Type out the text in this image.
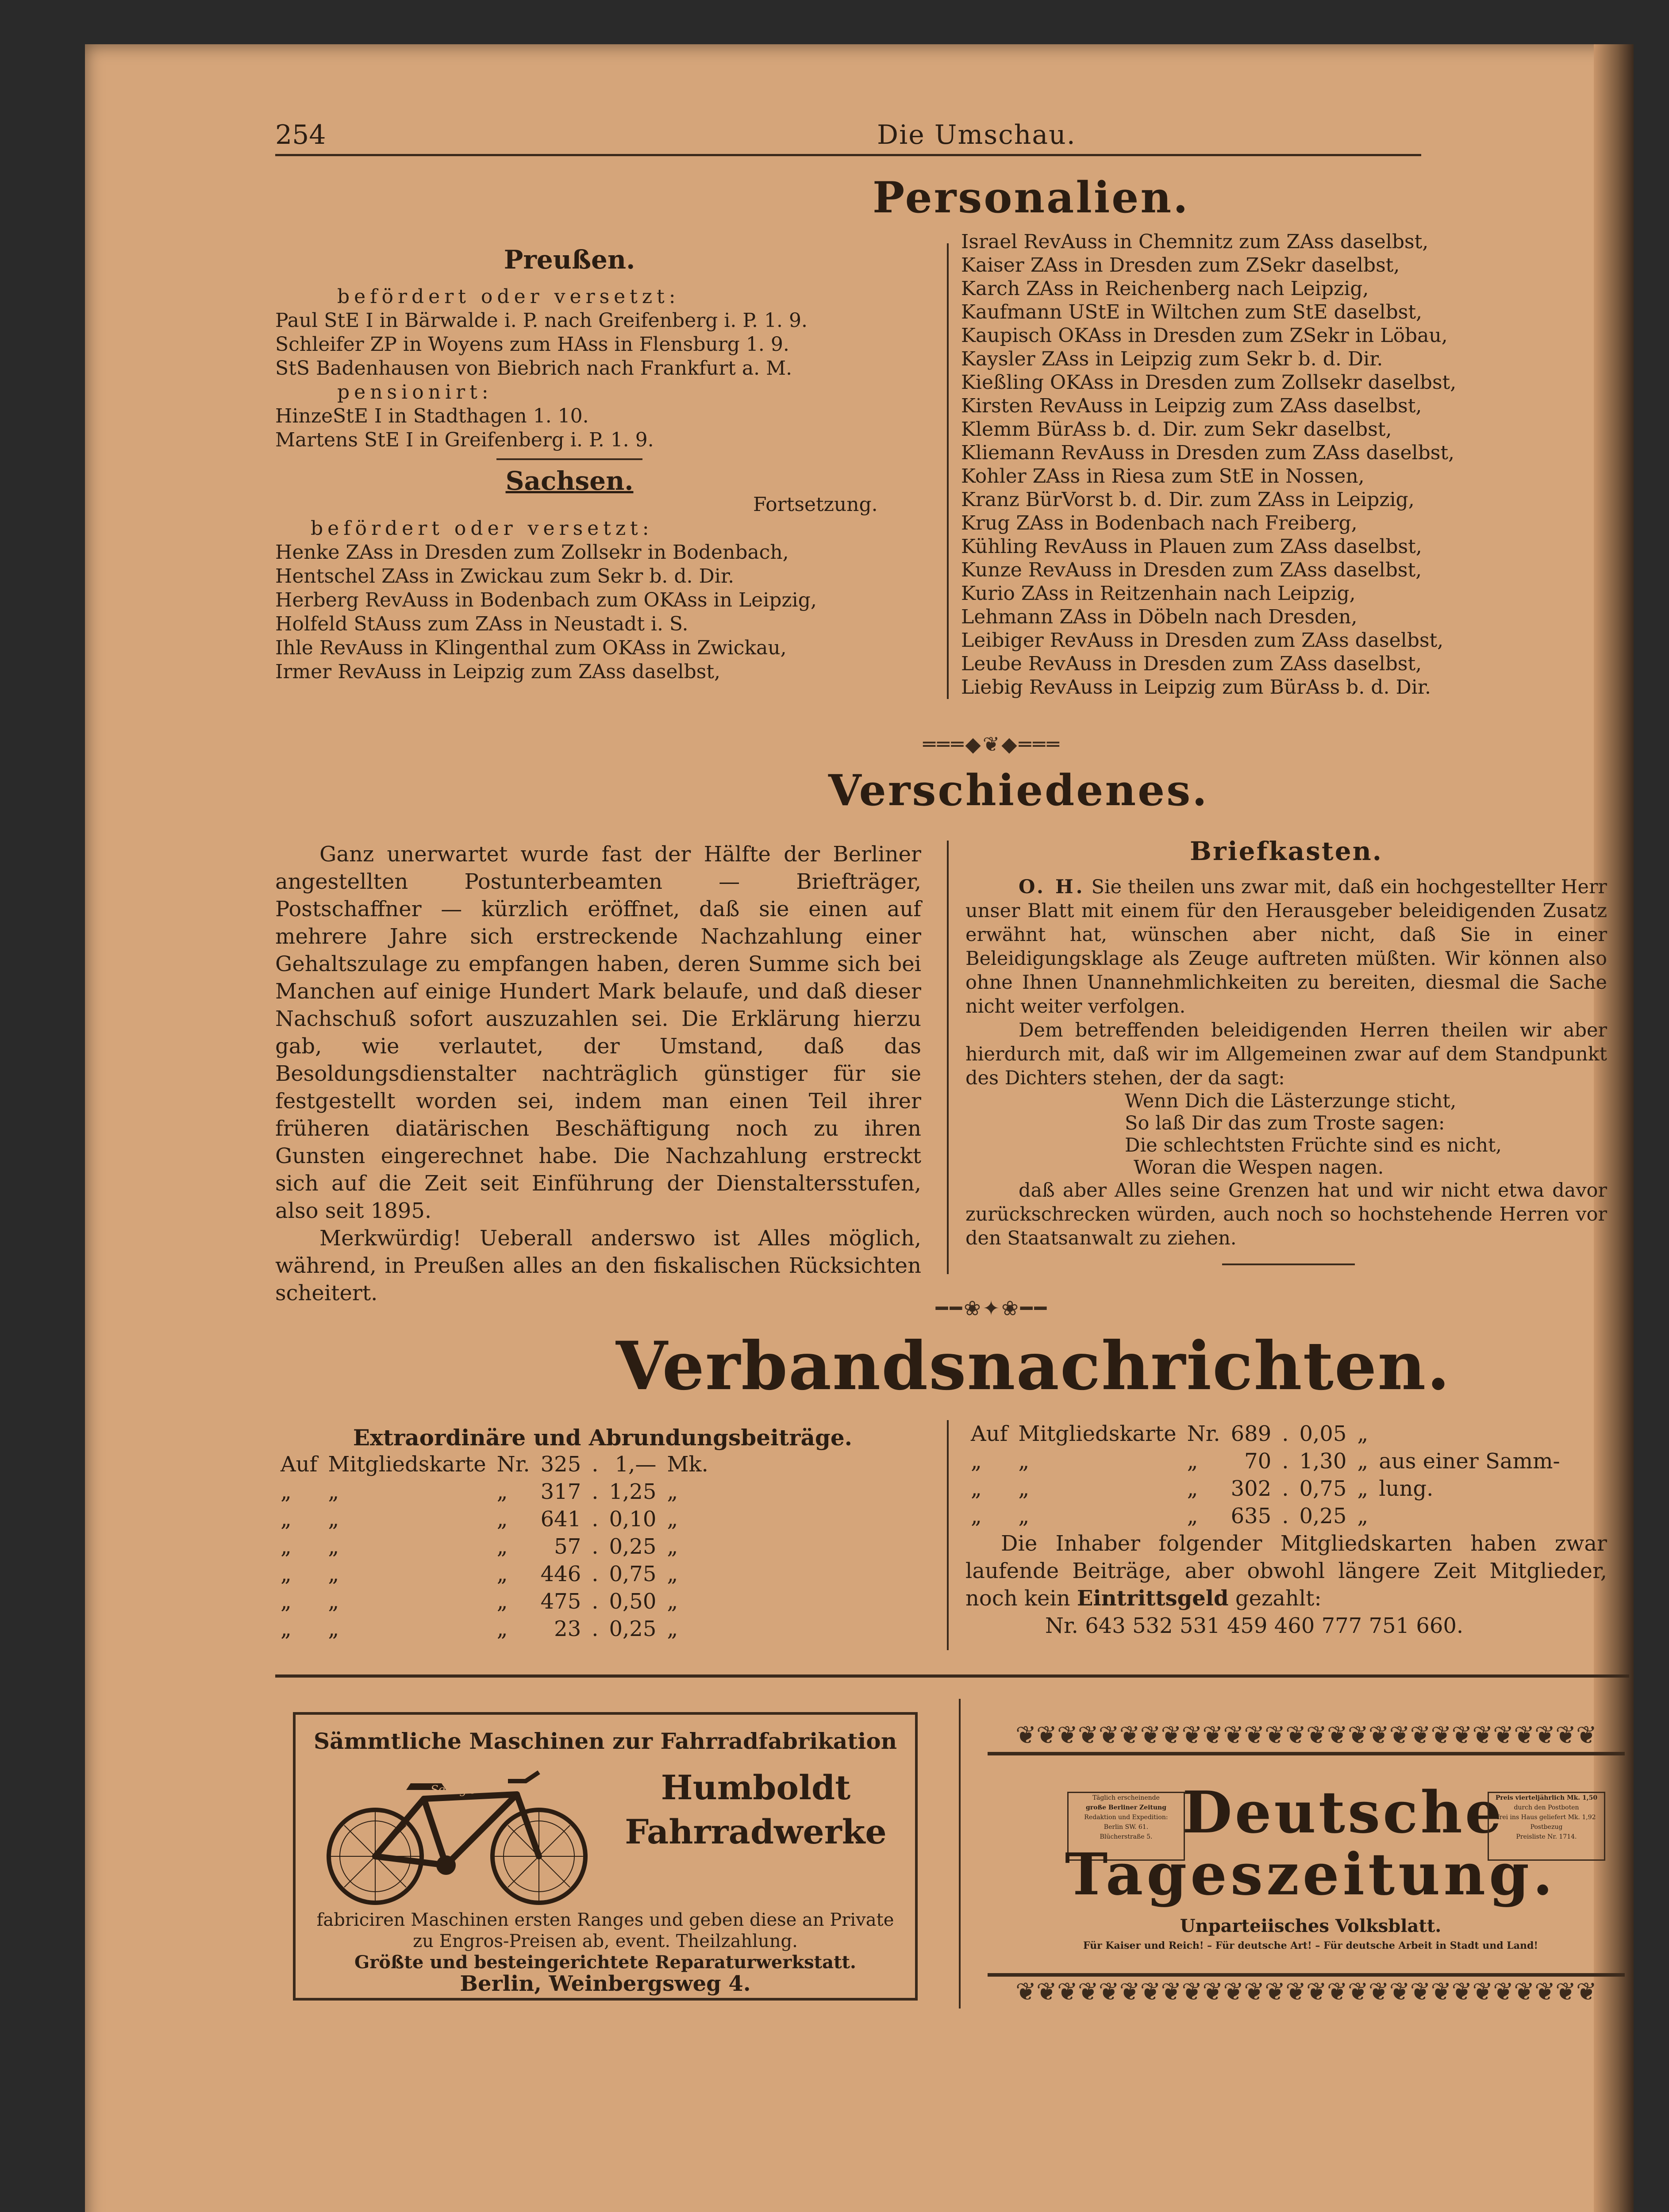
254	Die Umschau.
Personalien.
Preußen.
befördert oder versetzt:
Paul StE I in Bärwalde i. P. nach Greifenberg i. P. 1. 9.
Schleifer ZP in Woyens zum HAss in Flensburg 1. 9.
StS Badenhausen von Biebrich nach Frankfurt a. M.
pensionirt:
HinzeStE I in Stadthagen 1. 10.
Martens StE I in Greifenberg i. P. 1. 9.
Sachsen.
Fortsetzung.
befördert oder versetzt:
Henke ZAss in Dresden zum Zollsekr in Bodenbach,
Hentschel ZAss in Zwickau zum Sekr b. d. Dir.
Herberg RevAuss in Bodenbach zum OKAss in Leipzig,
Holfeld StAuss zum ZAss in Neustadt i. S.
Ihle RevAuss in Klingenthal zum OKAss in Zwickau,
Irmer RevAuss in Leipzig zum ZAss daselbst,
Israel RevAuss in Chemnitz zum ZAss daselbst,
Kaiser ZAss in Dresden zum ZSekr daselbst,
Karch ZAss in Reichenberg nach Leipzig,
Kaufmann UStE in Wiltchen zum StE daselbst,
Kaupisch OKAss in Dresden zum ZSekr in Löbau,
Kaysler ZAss in Leipzig zum Sekr b. d. Dir.
Kießling OKAss in Dresden zum Zollsekr daselbst,
Kirsten RevAuss in Leipzig zum ZAss daselbst,
Klemm BürAss b. d. Dir. zum Sekr daselbst,
Kliemann RevAuss in Dresden zum ZAss daselbst,
Kohler ZAss in Riesa zum StE in Nossen,
Kranz BürVorst b. d. Dir. zum ZAss in Leipzig,
Krug ZAss in Bodenbach nach Freiberg,
Kühling RevAuss in Plauen zum ZAss daselbst,
Kunze RevAuss in Dresden zum ZAss daselbst,
Kurio ZAss in Reitzenhain nach Leipzig,
Lehmann ZAss in Döbeln nach Dresden,
Leibiger RevAuss in Dresden zum ZAss daselbst,
Leube RevAuss in Dresden zum ZAss daselbst,
Liebig RevAuss in Leipzig zum BürAss b. d. Dir.
═══◆❦◆═══
Verschiedenes.
Ganz unerwartet wurde fast der Hälfte der Berliner angestellten Postunterbeamten — Briefträger, Postschaffner — kürzlich eröffnet, daß sie einen auf mehrere Jahre sich erstreckende Nachzahlung einer Gehaltszulage zu empfangen haben, deren Summe sich bei Manchen auf einige Hundert Mark belaufe, und daß dieser Nachschuß sofort auszuzahlen sei. Die Erklärung hierzu gab, wie verlautet, der Umstand, daß das Besoldungsdienstalter nachträglich günstiger für sie festgestellt worden sei, indem man einen Teil ihrer früheren diatärischen Beschäftigung noch zu ihren Gunsten eingerechnet habe. Die Nachzahlung erstreckt sich auf die Zeit seit Einführung der Dienstaltersstufen, also seit 1895.
Merkwürdig! Ueberall anderswo ist Alles möglich, während, in Preußen alles an den fiskalischen Rücksichten scheitert.
Briefkasten.
O. H. Sie theilen uns zwar mit, daß ein hochgestellter Herr unser Blatt mit einem für den Herausgeber beleidigenden Zusatz erwähnt hat, wünschen aber nicht, daß Sie in einer Beleidigungsklage als Zeuge auftreten müßten. Wir können also ohne Ihnen Unannehmlichkeiten zu bereiten, diesmal die Sache nicht weiter verfolgen.
Dem betreffenden beleidigenden Herren theilen wir aber hierdurch mit, daß wir im Allgemeinen zwar auf dem Standpunkt des Dichters stehen, der da sagt:
Wenn Dich die Lästerzunge sticht,
So laß Dir das zum Troste sagen:
Die schlechtsten Früchte sind es nicht,
Woran die Wespen nagen.
daß aber Alles seine Grenzen hat und wir nicht etwa davor zurückschrecken würden, auch noch so hochstehende Herren vor den Staatsanwalt zu ziehen.
━━❀✦❀━━
Verbandsnachrichten.
Extraordinäre und Abrundungsbeiträge.
Auf	Mitgliedskarte	Nr.	325	.	1,—	Mk.
„	„	„	317	.	1,25	„
„	„	„	641	.	0,10	„
„	„	„	57	.	0,25	„
„	„	„	446	.	0,75	„
„	„	„	475	.	0,50	„
„	„	„	23	.	0,25	„
Auf	Mitgliedskarte	Nr.	689	.	0,05	„	
„	„	„	70	.	1,30	„	aus einer Samm-
„	„	„	302	.	0,75	„	lung.
„	„	„	635	.	0,25	„	
Die Inhaber folgender Mitgliedskarten haben zwar laufende Beiträge, aber obwohl längere Zeit Mitglieder, noch kein Eintrittsgeld gezahlt:
Nr. 643 532 531 459 460 777 751 660.
Sämmtliche Maschinen zur Fahrradfabrikation
Seelig's	Humboldt
Fahrradwerke
fabriciren Maschinen ersten Ranges und geben diese an Private
zu Engros-Preisen ab, event. Theilzahlung.
Größte und besteingerichtete Reparaturwerkstatt.
Berlin, Weinbergsweg 4.
❦❦❦❦❦❦❦❦❦❦❦❦❦❦❦❦❦❦❦❦❦❦❦❦❦❦❦❦
Täglich erscheinende
große Berliner Zeitung
Redaktion und Expedition:
Berlin SW. 61.
Blücherstraße 5. Deutsche
Preis vierteljährlich Mk. 1,50
durch den Postboten
frei ins Haus geliefert Mk. 1,92
Postbezug
Preisliste Nr. 1714.
Tageszeitung.
Unparteiisches Volksblatt.
Für Kaiser und Reich! – Für deutsche Art! – Für deutsche Arbeit in Stadt und Land!
❦❦❦❦❦❦❦❦❦❦❦❦❦❦❦❦❦❦❦❦❦❦❦❦❦❦❦❦
